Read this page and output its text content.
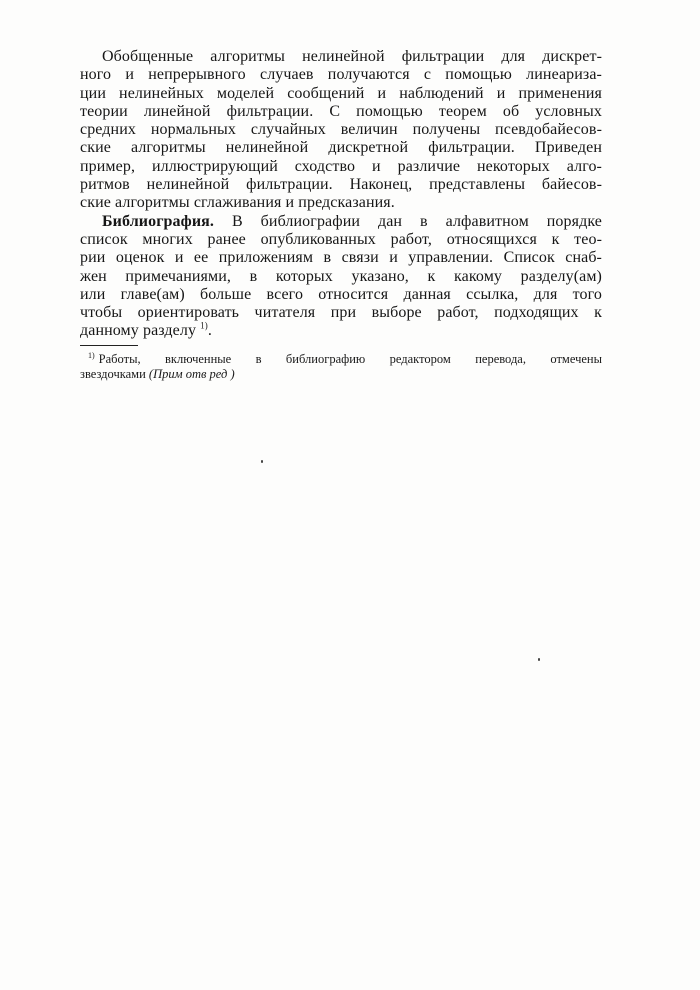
Обобщенные алгоритмы нелинейной фильтрации для дискрет-
ного и непрерывного случаев получаются с помощью линеариза-
ции нелинейных моделей сообщений и наблюдений и применения
теории линейной фильтрации. С помощью теорем об условных
средних нормальных случайных величин получены псевдобайесов-
ские алгоритмы нелинейной дискретной фильтрации. Приведен
пример, иллюстрирующий сходство и различие некоторых алго-
ритмов нелинейной фильтрации. Наконец, представлены байесов-
ские алгоритмы сглаживания и предсказания.

Библиография. В библиографии дан в алфавитном порядке
список многих ранее опубликованных работ, относящихся к тео-
рии оценок и ее приложениям в связи и управлении. Список снаб-
жен примечаниями, в которых указано, к какому разделу(ам)
или главе(ам) больше всего относится данная ссылка, для того
чтобы ориентировать читателя при выборе работ, подходящих к
данному разделу $^{1)}$.

$^{1)}$ Работы, включенные в библиографию редактором перевода, отмечены
звездочками (Прим отв ред )
